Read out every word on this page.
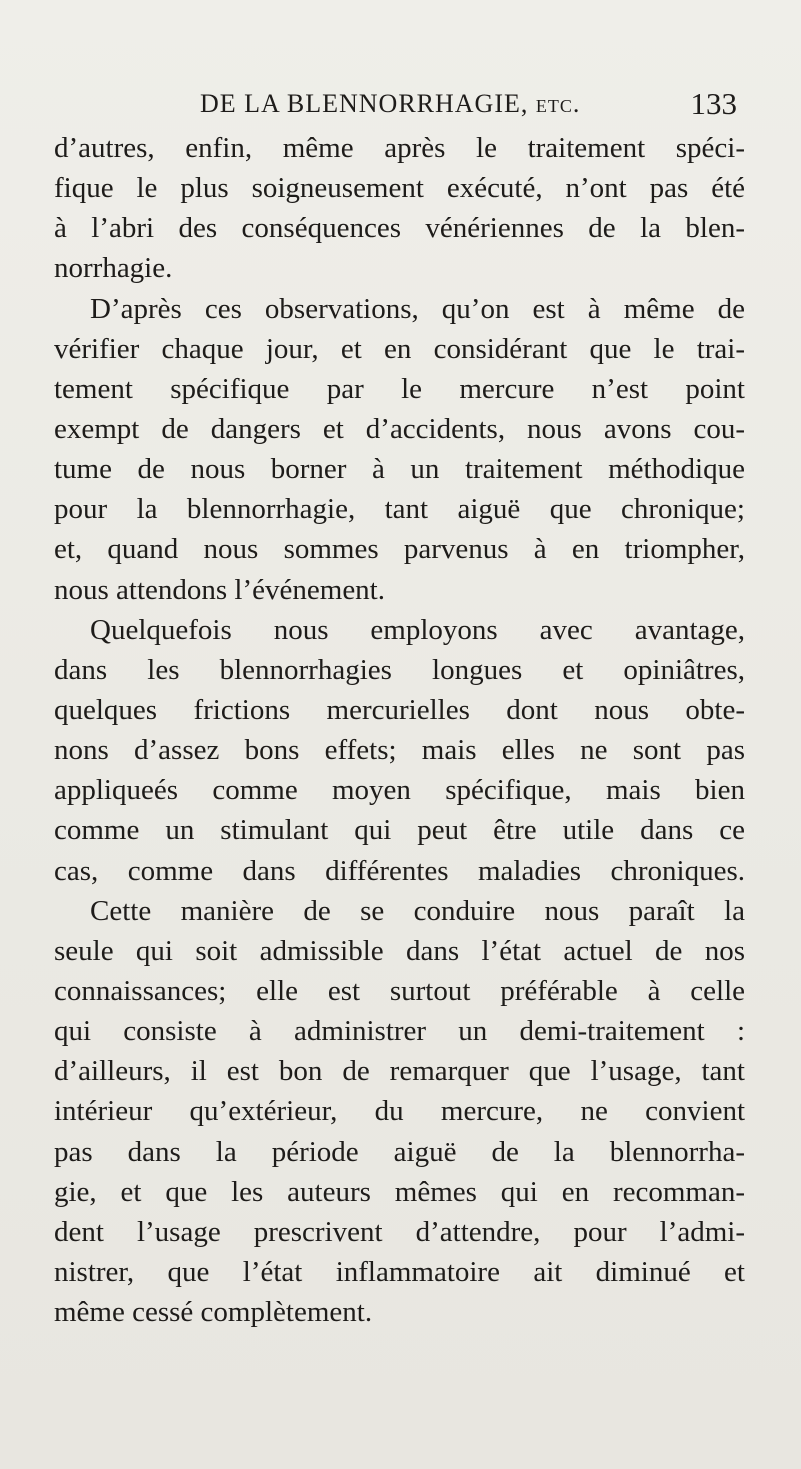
DE LA BLENNORRHAGIE, etc.	133
d’autres, enfin, même après le traitement spéci-
fique le plus soigneusement exécuté, n’ont pas été
à l’abri des conséquences vénériennes de la blen-
norrhagie.
D’après ces observations, qu’on est à même de
vérifier chaque jour, et en considérant que le trai-
tement spécifique par le mercure n’est point
exempt de dangers et d’accidents, nous avons cou-
tume de nous borner à un traitement méthodique
pour la blennorrhagie, tant aiguë que chronique;
et, quand nous sommes parvenus à en triompher,
nous attendons l’événement.
Quelquefois nous employons avec avantage,
dans les blennorrhagies longues et opiniâtres,
quelques frictions mercurielles dont nous obte-
nons d’assez bons effets; mais elles ne sont pas
appliqueés comme moyen spécifique, mais bien
comme un stimulant qui peut être utile dans ce
cas, comme dans différentes maladies chroniques.
Cette manière de se conduire nous paraît la
seule qui soit admissible dans l’état actuel de nos
connaissances; elle est surtout préférable à celle
qui consiste à administrer un demi-traitement :
d’ailleurs, il est bon de remarquer que l’usage, tant
intérieur qu’extérieur, du mercure, ne convient
pas dans la période aiguë de la blennorrha-
gie, et que les auteurs mêmes qui en recomman-
dent l’usage prescrivent d’attendre, pour l’admi-
nistrer, que l’état inflammatoire ait diminué et
même cessé complètement.
